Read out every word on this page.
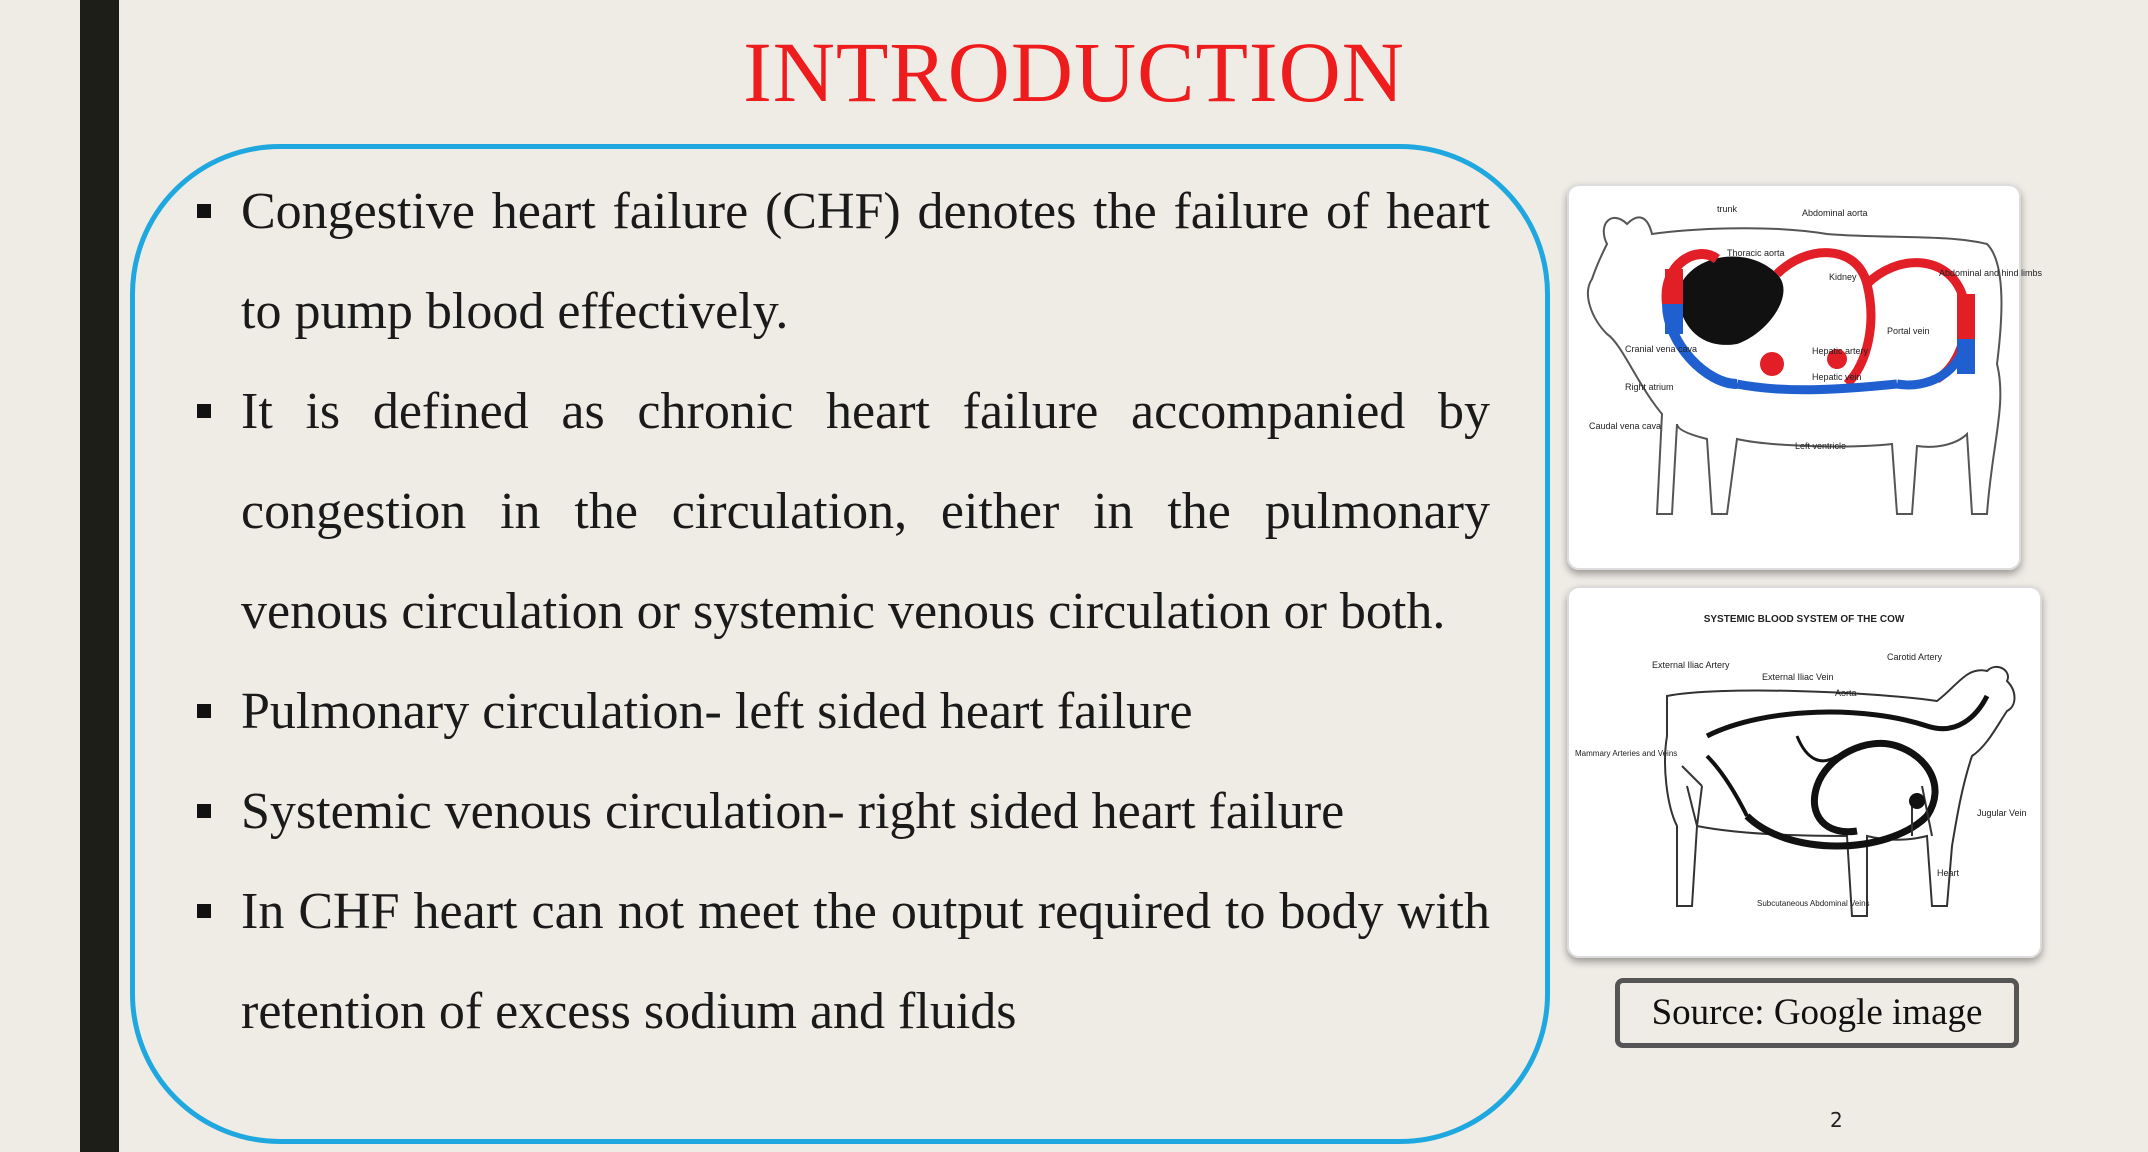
INTRODUCTION
Congestive heart failure (CHF) denotes the failure of heart to pump blood effectively.
It is defined as chronic heart failure accompanied by congestion in the circulation, either in the pulmonary venous circulation or systemic venous circulation or both.
Pulmonary circulation- left sided heart failure
Systemic venous circulation- right sided heart failure
In CHF heart can not meet the output required to body with retention of excess sodium and fluids
trunk	Abdominal aorta
Thoracic aorta
Kidney	Abdominal and hind limbs
Cranial vena cava
Right atrium
Caudal vena cava
Hepatic artery
Hepatic vein
Portal vein
Left ventricle
SYSTEMIC BLOOD SYSTEM OF THE COW
External Iliac Artery
External Iliac Vein
Carotid Artery
Aorta
Mammary Arteries and Veins
Jugular Vein
Heart
Subcutaneous Abdominal Veins
Source: Google image
2
